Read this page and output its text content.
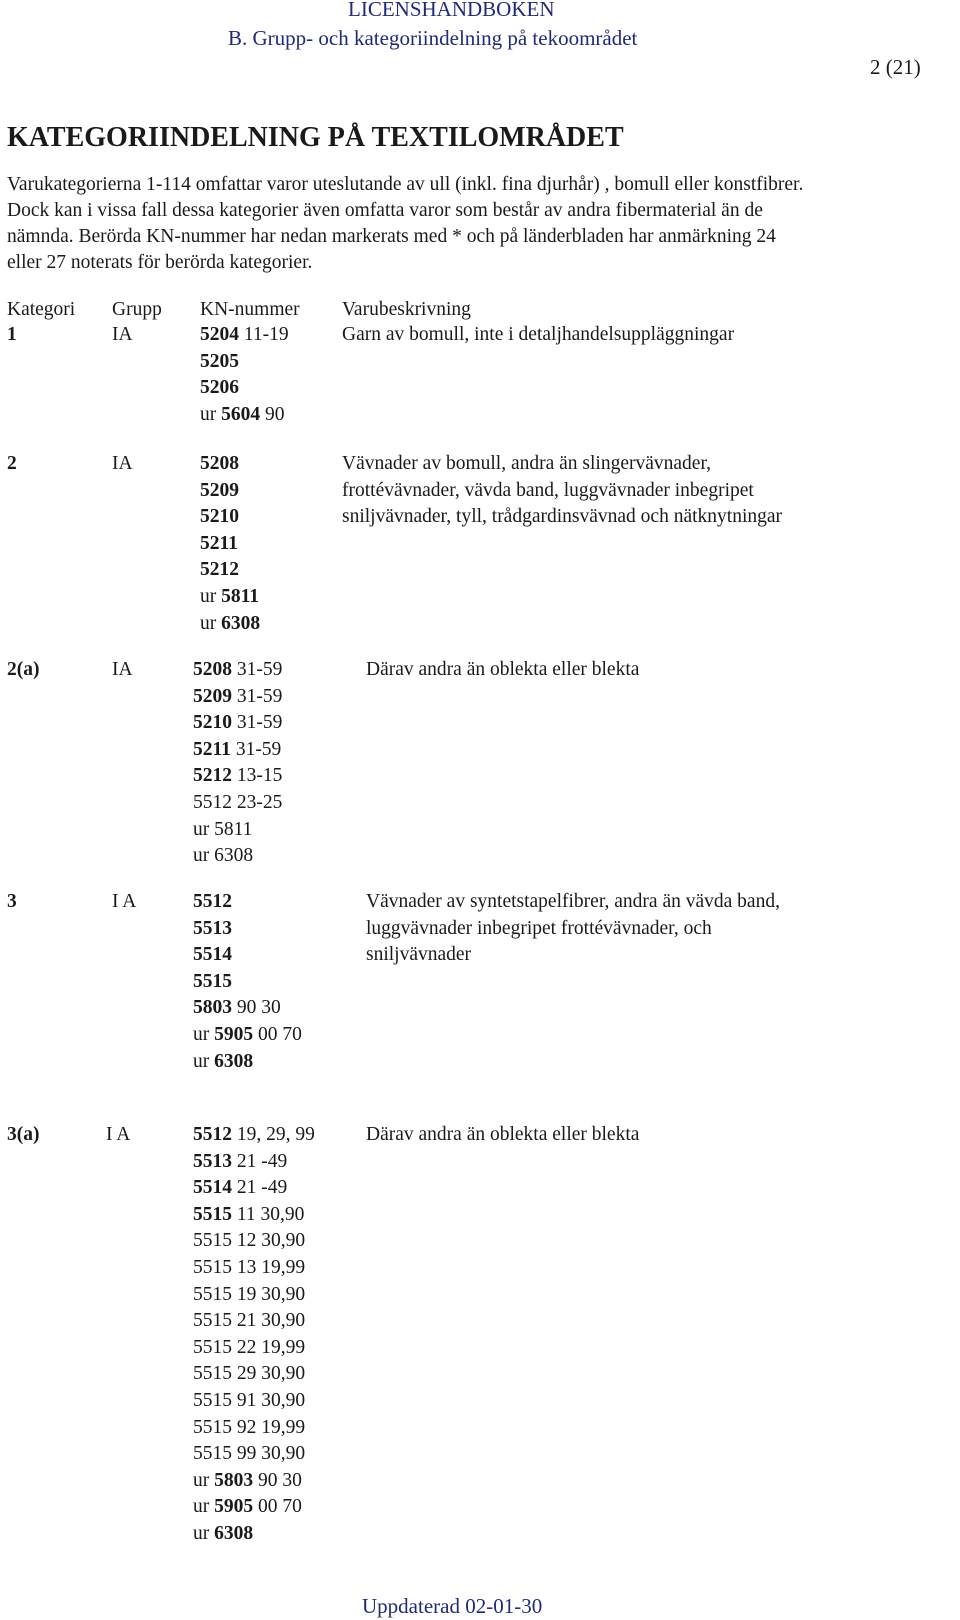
LICENSHANDBOKEN
B. Grupp- och kategoriindelning på tekoområdet
2 (21)
KATEGORIINDELNING PÅ TEXTILOMRÅDET
Varukategorierna 1-114 omfattar varor uteslutande av ull (inkl. fina djurhår) , bomull eller konstfibrer.
Dock kan i vissa fall dessa kategorier även omfatta varor som består av andra fibermaterial än de
nämnda. Berörda KN-nummer har nedan markerats med * och på länderbladen har anmärkning 24
eller 27 noterats för berörda kategorier.
Kategori Grupp KN-nummer Varubeskrivning
1	IA	5204 11-19
5205
5206
ur 5604 90
Garn av bomull, inte i detaljhandelsuppläggningar
2	IA	5208
5209
5210
5211
5212
ur 5811
ur 6308
Vävnader av bomull, andra än slingervävnader,
frottévävnader, vävda band, luggvävnader inbegripet
sniljvävnader, tyll, trådgardinsvävnad och nätknytningar
2(a)	IA	5208 31-59
5209 31-59
5210 31-59
5211 31-59
5212 13-15
5512 23-25
ur 5811
ur 6308
Därav andra än oblekta eller blekta
3	I A	5512
5513
5514
5515
5803 90 30
ur 5905 00 70
ur 6308
Vävnader av syntetstapelfibrer, andra än vävda band,
luggvävnader inbegripet frottévävnader, och
sniljvävnader
3(a)	I A	5512 19, 29, 99
5513 21 -49
5514 21 -49
5515 11 30,90
5515 12 30,90
5515 13 19,99
5515 19 30,90
5515 21 30,90
5515 22 19,99
5515 29 30,90
5515 91 30,90
5515 92 19,99
5515 99 30,90
ur 5803 90 30
ur 5905 00 70
ur 6308
Därav andra än oblekta eller blekta
Uppdaterad 02-01-30
